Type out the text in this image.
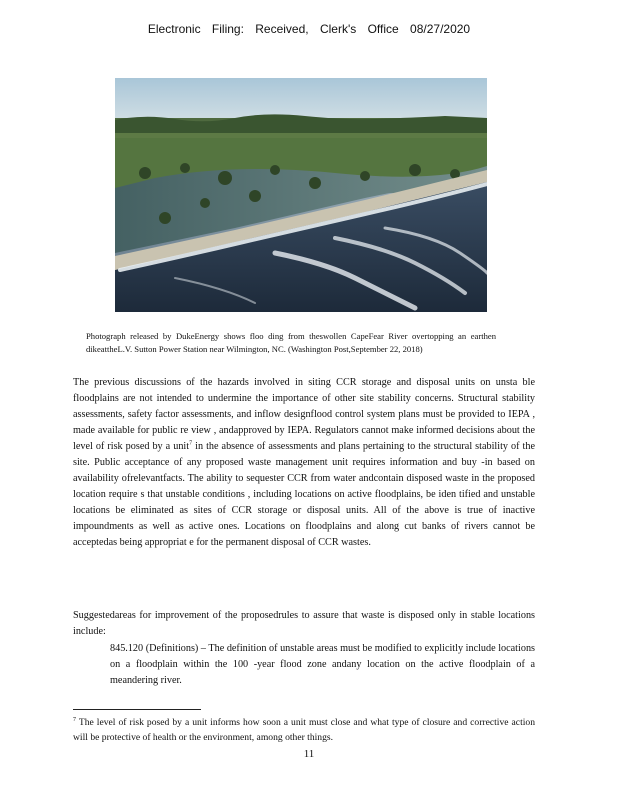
Electronic Filing: Received, Clerk's Office 08/27/2020
Photograph released by DukeEnergy shows floo ding from theswollen CapeFear River overtopping an earthen dikeattheL.V. Sutton Power Station near Wilmington, NC. (Washington Post,September 22, 2018)

The previous discussions of the hazards involved in siting CCR storage and disposal units on unsta ble floodplains are not intended to undermine the importance of other site stability concerns. Structural stability assessments, safety factor assessments, and inflow designflood control system plans must be provided to IEPA , made available for public re view , andapproved by IEPA. Regulators cannot make informed decisions about the level of risk posed by a unit$^7$ in the absence of assessments and plans pertaining to the structural stability of the site. Public acceptance of any proposed waste management unit requires information and buy -in based on availability ofrelevantfacts. The ability to sequester CCR from water andcontain disposed waste in the proposed location require s that unstable conditions , including locations on active floodplains, be iden tified and unstable locations be eliminated as sites of CCR storage or disposal units. All of the above is true of inactive impoundments as well as active ones. Locations on floodplains and along cut banks of rivers cannot be acceptedas being appropriat e for the permanent disposal of CCR wastes.

Suggestedareas for improvement of the proposedrules to assure that waste is disposed only in stable locations include:

845.120 (Definitions) – The definition of unstable areas must be modified to explicitly include locations on a floodplain within the 100 -year flood zone andany location on the active floodplain of a meandering river.
$^7$ The level of risk posed by a unit informs how soon a unit must close and what type of closure and corrective action will be protective of health or the environment, among other things.
11
